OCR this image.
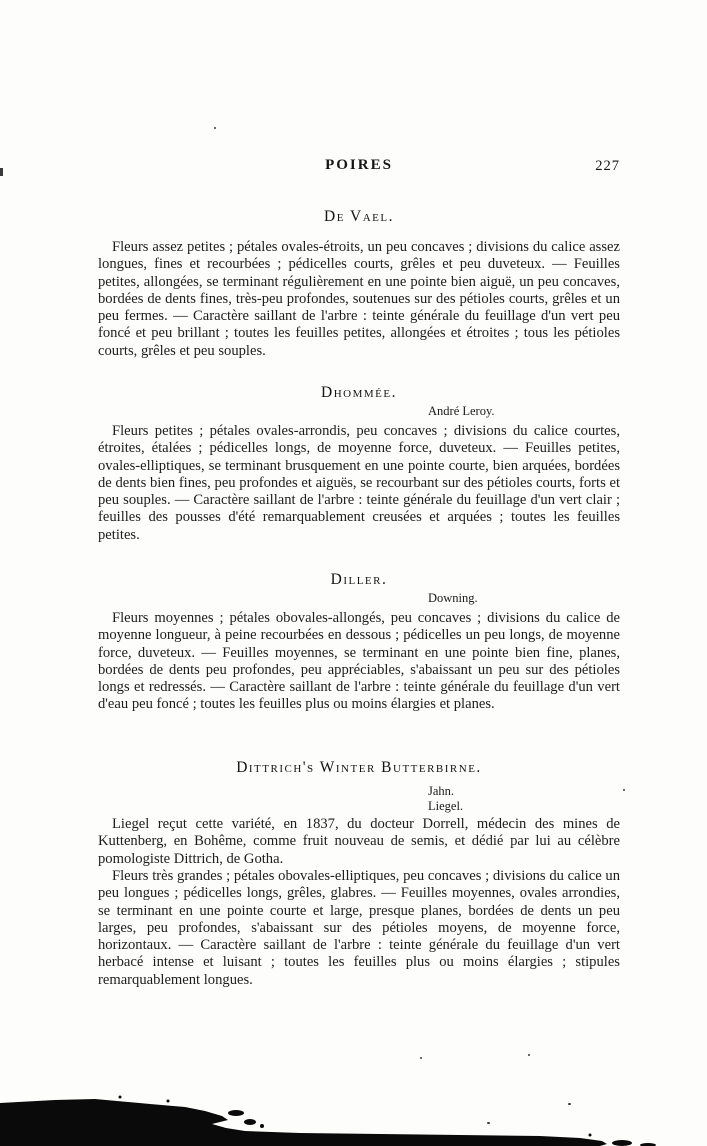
POIRES	227
De Vael.

Fleurs assez petites ; pétales ovales-étroits, un peu concaves ; divisions du calice assez longues, fines et recourbées ; pédicelles courts, grêles et peu duveteux. — Feuilles petites, allongées, se terminant régulièrement en une pointe bien aiguë, un peu concaves, bordées de dents fines, très-peu profondes, soutenues sur des pétioles courts, grêles et un peu fermes. — Caractère saillant de l'arbre : teinte générale du feuillage d'un vert peu foncé et peu brillant ; toutes les feuilles petites, allongées et étroites ; tous les pétioles courts, grêles et peu souples.

Dhommée.
André Leroy.

Fleurs petites ; pétales ovales-arrondis, peu concaves ; divisions du calice courtes, étroites, étalées ; pédicelles longs, de moyenne force, duveteux. — Feuilles petites, ovales-elliptiques, se terminant brusquement en une pointe courte, bien arquées, bordées de dents bien fines, peu profondes et aiguës, se recourbant sur des pétioles courts, forts et peu souples. — Caractère saillant de l'arbre : teinte générale du feuillage d'un vert clair ; feuilles des pousses d'été remarquablement creusées et arquées ; toutes les feuilles petites.

Diller.
Downing.

Fleurs moyennes ; pétales obovales-allongés, peu concaves ; divisions du calice de moyenne longueur, à peine recourbées en dessous ; pédicelles un peu longs, de moyenne force, duveteux. — Feuilles moyennes, se terminant en une pointe bien fine, planes, bordées de dents peu profondes, peu appréciables, s'abaissant un peu sur des pétioles longs et redressés. — Caractère saillant de l'arbre : teinte générale du feuillage d'un vert d'eau peu foncé ; toutes les feuilles plus ou moins élargies et planes.

Dittrich's Winter Butterbirne.
Jahn.
Liegel.

Liegel reçut cette variété, en 1837, du docteur Dorrell, médecin des mines de Kuttenberg, en Bohême, comme fruit nouveau de semis, et dédié par lui au célèbre pomologiste Dittrich, de Gotha.

Fleurs très grandes ; pétales obovales-elliptiques, peu concaves ; divisions du calice un peu longues ; pédicelles longs, grêles, glabres. — Feuilles moyennes, ovales arrondies, se terminant en une pointe courte et large, presque planes, bordées de dents un peu larges, peu profondes, s'abaissant sur des pétioles moyens, de moyenne force, horizontaux. — Caractère saillant de l'arbre : teinte générale du feuillage d'un vert herbacé intense et luisant ; toutes les feuilles plus ou moins élargies ; stipules remarquablement longues.
